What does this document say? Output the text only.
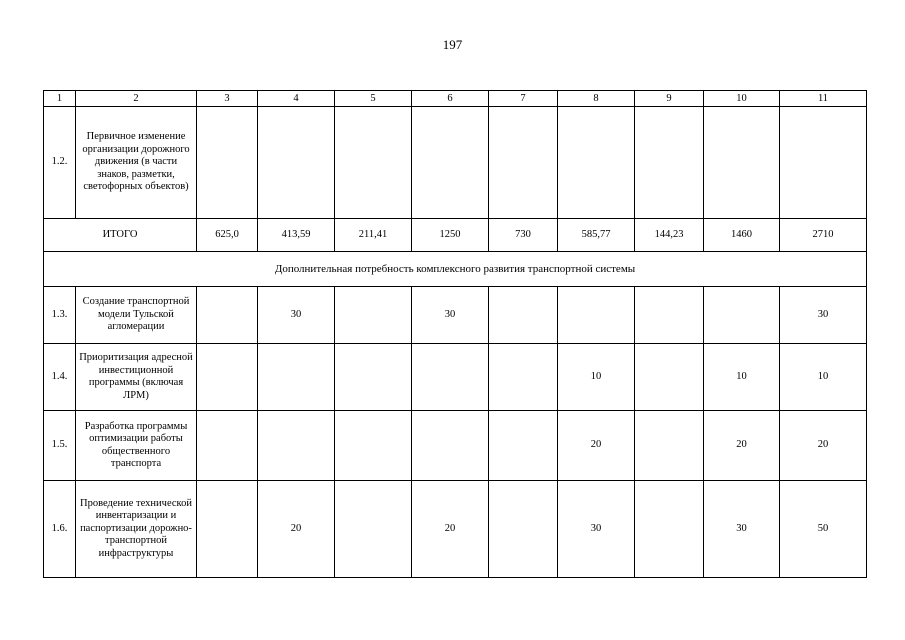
197
1	2	3	4	5	6	7	8	9	10	11
1.2.	Первичное изменение организации дорожного движения (в части знаков, разметки, светофорных объектов)									
ИТОГО		625,0	413,59	211,41	1250	730	585,77	144,23	1460	2710
Дополнительная потребность комплексного развития транспортной системы										
1.3.	Создание транспортной модели Тульской агломерации		30		30					30
1.4.	Приоритизация адресной инвестиционной программы (включая ЛРМ)						10		10	10
1.5.	Разработка программы оптимизации работы общественного транспорта						20		20	20
1.6.	Проведение технической инвентаризации и паспортизации дорожно-транспортной инфраструктуры		20		20		30		30	50
